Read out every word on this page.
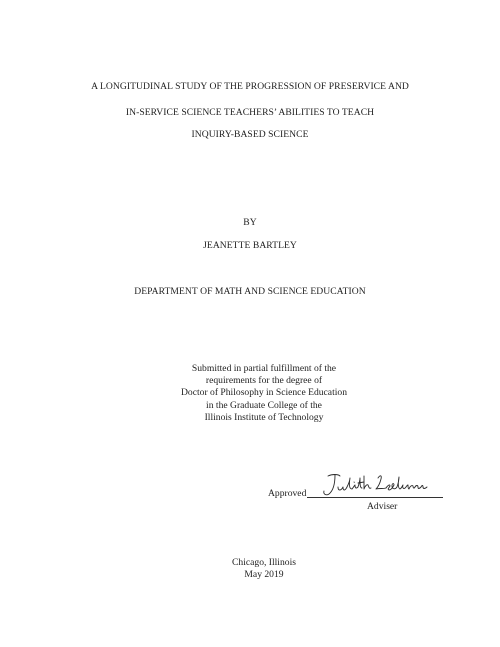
A LONGITUDINAL STUDY OF THE PROGRESSION OF PRESERVICE AND
IN-SERVICE SCIENCE TEACHERS’ ABILITIES TO TEACH
INQUIRY-BASED SCIENCE
BY
JEANETTE BARTLEY
DEPARTMENT OF MATH AND SCIENCE EDUCATION
Submitted in partial fulfillment of the
requirements for the degree of
Doctor of Philosophy in Science Education
in the Graduate College of the
Illinois Institute of Technology
Approved
Adviser
Chicago, Illinois
May 2019
